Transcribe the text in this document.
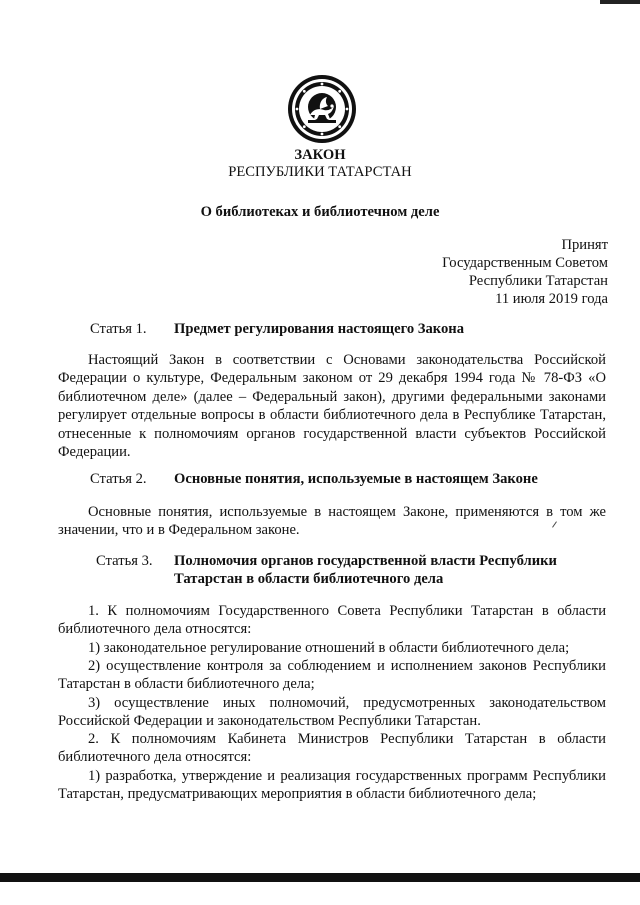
ЗАКОН
РЕСПУБЛИКИ ТАТАРСТАН
О библиотеках и библиотечном деле
Принят
Государственным Советом
Республики Татарстан
11 июля 2019 года
Статья 1. Предмет регулирования настоящего Закона
Настоящий Закон в соответствии с Основами законодательства Российской Федерации о культуре, Федеральным законом от 29 декабря 1994 года № 78-ФЗ «О библиотечном деле» (далее – Федеральный закон), другими федеральными законами регулирует отдельные вопросы в области библиотечного дела в Республике Татарстан, отнесенные к полномочиям органов государственной власти субъектов Российской Федерации.
Статья 2. Основные понятия, используемые в настоящем Законе
Основные понятия, используемые в настоящем Законе, применяются в том же значении, что и в Федеральном законе.
Статья 3. Полномочия органов государственной власти Республики
Татарстан в области библиотечного дела
1. К полномочиям Государственного Совета Республики Татарстан в области библиотечного дела относятся:
1) законодательное регулирование отношений в области библиотечного дела;
2) осуществление контроля за соблюдением и исполнением законов Республики Татарстан в области библиотечного дела;
3) осуществление иных полномочий, предусмотренных законодательством Российской Федерации и законодательством Республики Татарстан.
2. К полномочиям Кабинета Министров Республики Татарстан в области библиотечного дела относятся:
1) разработка, утверждение и реализация государственных программ Республики Татарстан, предусматривающих мероприятия в области библиотечного дела;
